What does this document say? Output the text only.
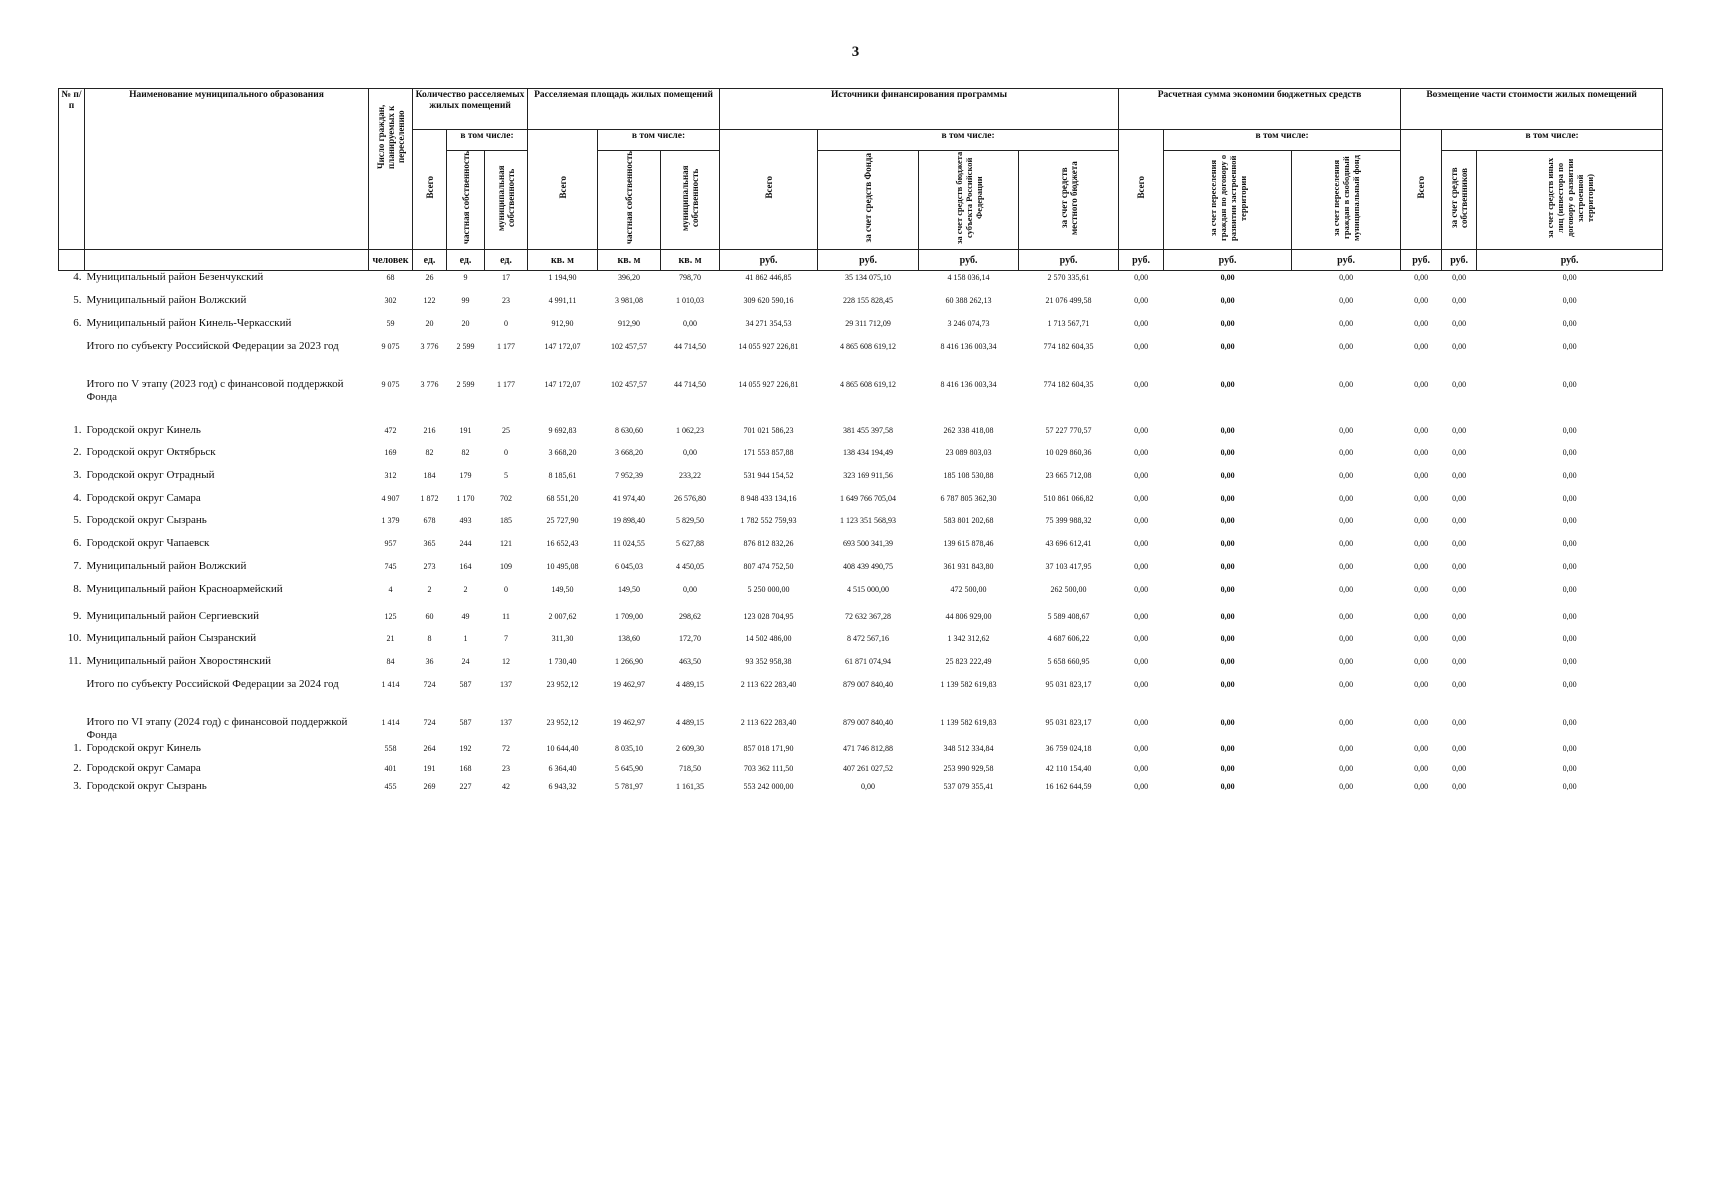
3
№ п/п	Наименование муниципального образования	Число граждан, планируемых к переселению	Количество расселяемых жилых помещений			Расселяемая площадь жилых помещений			Источники финансирования программы				Расчетная сумма экономии бюджетных средств			Возмещение части стоимости жилых помещений		
			Всего	в том числе:		Всего	в том числе:		Всего	в том числе:			Всего	в том числе:		Всего	в том числе:	
				частная собственность	муниципальная собственность		частная собственность	муниципальная собственность		за счет средств Фонда	за счет средств бюджета субъекта Российской Федерации	за счет средств местного бюджета		за счет переселения граждан по договору о развитии застроенной территории	за счет переселения граждан в свободный муниципальный фонд		за счет средств собственников	за счет средств иных лиц (инвестора по договору о развитии застроенной территории)
		человек	ед.	ед.	ед.	кв. м	кв. м	кв. м	руб.	руб.	руб.	руб.	руб.	руб.	руб.	руб.	руб.	руб.
4.	Муниципальный район Безенчукский	68	26	9	17	1 194,90	396,20	798,70	41 862 446,85	35 134 075,10	4 158 036,14	2 570 335,61	0,00	0,00	0,00	0,00	0,00	0,00
5.	Муниципальный район Волжский	302	122	99	23	4 991,11	3 981,08	1 010,03	309 620 590,16	228 155 828,45	60 388 262,13	21 076 499,58	0,00	0,00	0,00	0,00	0,00	0,00
6.	Муниципальный район Кинель-Черкасский	59	20	20	0	912,90	912,90	0,00	34 271 354,53	29 311 712,09	3 246 074,73	1 713 567,71	0,00	0,00	0,00	0,00	0,00	0,00
	Итого по субъекту Российской Федерации за 2023 год	9 075	3 776	2 599	1 177	147 172,07	102 457,57	44 714,50	14 055 927 226,81	4 865 608 619,12	8 416 136 003,34	774 182 604,35	0,00	0,00	0,00	0,00	0,00	0,00
	Итого по V этапу (2023 год) с финансовой поддержкой Фонда	9 075	3 776	2 599	1 177	147 172,07	102 457,57	44 714,50	14 055 927 226,81	4 865 608 619,12	8 416 136 003,34	774 182 604,35	0,00	0,00	0,00	0,00	0,00	0,00
1.	Городской округ Кинель	472	216	191	25	9 692,83	8 630,60	1 062,23	701 021 586,23	381 455 397,58	262 338 418,08	57 227 770,57	0,00	0,00	0,00	0,00	0,00	0,00
2.	Городской округ Октябрьск	169	82	82	0	3 668,20	3 668,20	0,00	171 553 857,88	138 434 194,49	23 089 803,03	10 029 860,36	0,00	0,00	0,00	0,00	0,00	0,00
3.	Городской округ Отрадный	312	184	179	5	8 185,61	7 952,39	233,22	531 944 154,52	323 169 911,56	185 108 530,88	23 665 712,08	0,00	0,00	0,00	0,00	0,00	0,00
4.	Городской округ Самара	4 907	1 872	1 170	702	68 551,20	41 974,40	26 576,80	8 948 433 134,16	1 649 766 705,04	6 787 805 362,30	510 861 066,82	0,00	0,00	0,00	0,00	0,00	0,00
5.	Городской округ Сызрань	1 379	678	493	185	25 727,90	19 898,40	5 829,50	1 782 552 759,93	1 123 351 568,93	583 801 202,68	75 399 988,32	0,00	0,00	0,00	0,00	0,00	0,00
6.	Городской округ Чапаевск	957	365	244	121	16 652,43	11 024,55	5 627,88	876 812 832,26	693 500 341,39	139 615 878,46	43 696 612,41	0,00	0,00	0,00	0,00	0,00	0,00
7.	Муниципальный район Волжский	745	273	164	109	10 495,08	6 045,03	4 450,05	807 474 752,50	408 439 490,75	361 931 843,80	37 103 417,95	0,00	0,00	0,00	0,00	0,00	0,00
8.	Муниципальный район Красноармейский	4	2	2	0	149,50	149,50	0,00	5 250 000,00	4 515 000,00	472 500,00	262 500,00	0,00	0,00	0,00	0,00	0,00	0,00
9.	Муниципальный район Сергиевский	125	60	49	11	2 007,62	1 709,00	298,62	123 028 704,95	72 632 367,28	44 806 929,00	5 589 408,67	0,00	0,00	0,00	0,00	0,00	0,00
10.	Муниципальный район Сызранский	21	8	1	7	311,30	138,60	172,70	14 502 486,00	8 472 567,16	1 342 312,62	4 687 606,22	0,00	0,00	0,00	0,00	0,00	0,00
11.	Муниципальный район Хворостянский	84	36	24	12	1 730,40	1 266,90	463,50	93 352 958,38	61 871 074,94	25 823 222,49	5 658 660,95	0,00	0,00	0,00	0,00	0,00	0,00
	Итого по субъекту Российской Федерации за 2024 год	1 414	724	587	137	23 952,12	19 462,97	4 489,15	2 113 622 283,40	879 007 840,40	1 139 582 619,83	95 031 823,17	0,00	0,00	0,00	0,00	0,00	0,00
	Итого по VI этапу (2024 год) с финансовой поддержкой Фонда	1 414	724	587	137	23 952,12	19 462,97	4 489,15	2 113 622 283,40	879 007 840,40	1 139 582 619,83	95 031 823,17	0,00	0,00	0,00	0,00	0,00	0,00
1.	Городской округ Кинель	558	264	192	72	10 644,40	8 035,10	2 609,30	857 018 171,90	471 746 812,88	348 512 334,84	36 759 024,18	0,00	0,00	0,00	0,00	0,00	0,00
2.	Городской округ Самара	401	191	168	23	6 364,40	5 645,90	718,50	703 362 111,50	407 261 027,52	253 990 929,58	42 110 154,40	0,00	0,00	0,00	0,00	0,00	0,00
3.	Городской округ Сызрань	455	269	227	42	6 943,32	5 781,97	1 161,35	553 242 000,00	0,00	537 079 355,41	16 162 644,59	0,00	0,00	0,00	0,00	0,00	0,00
